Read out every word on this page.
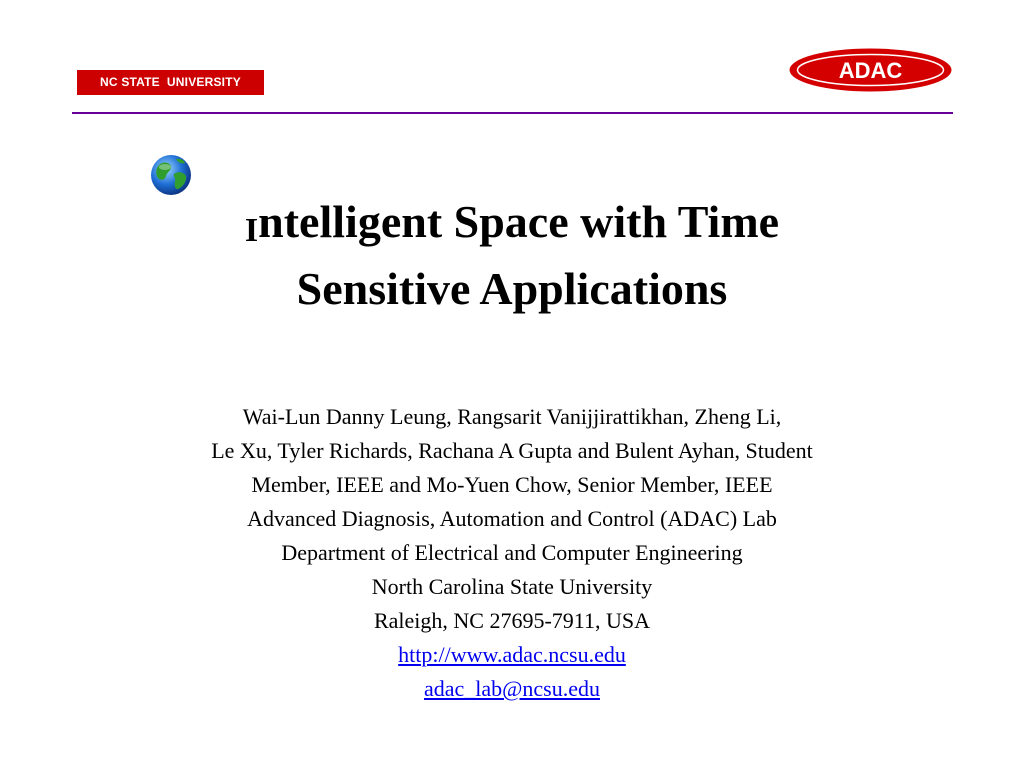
NC STATE  UNIVERSITY	ADAC
Intelligent Space with Time
Sensitive Applications
Wai-Lun Danny Leung, Rangsarit Vanijjirattikhan, Zheng Li,
Le Xu, Tyler Richards, Rachana A Gupta and Bulent Ayhan, Student
Member, IEEE and Mo-Yuen Chow, Senior Member, IEEE
Advanced Diagnosis, Automation and Control (ADAC) Lab
Department of Electrical and Computer Engineering
North Carolina State University
Raleigh, NC 27695-7911, USA
http://www.adac.ncsu.edu
adac_lab@ncsu.edu
